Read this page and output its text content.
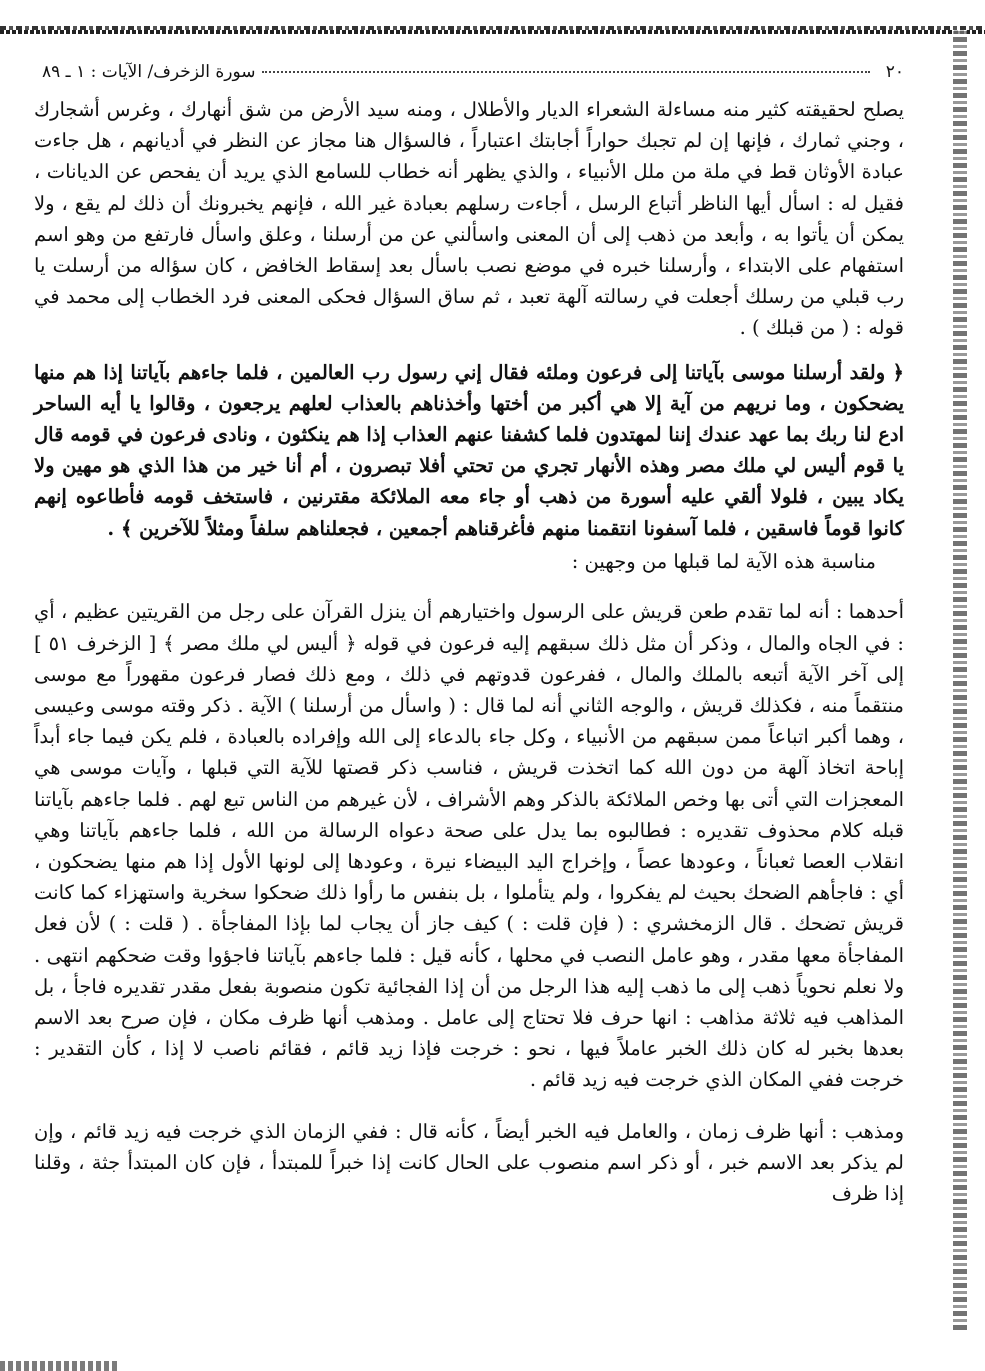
٢٠
سورة الزخرف/ الآيات : ١ ـ ٨٩

يصلح لحقيقته كثير منه مساءلة الشعراء الديار والأطلال ، ومنه سيد الأرض من شق أنهارك ، وغرس أشجارك ، وجني ثمارك ، فإنها إن لم تجبك حواراً أجابتك اعتباراً ، فالسؤال هنا مجاز عن النظر في أديانهم ، هل جاءت عبادة الأوثان قط في ملة من ملل الأنبياء ، والذي يظهر أنه خطاب للسامع الذي يريد أن يفحص عن الديانات ، فقيل له : اسأل أيها الناظر أتباع الرسل ، أجاءت رسلهم بعبادة غير الله ، فإنهم يخبرونك أن ذلك لم يقع ، ولا يمكن أن يأتوا به ، وأبعد من ذهب إلى أن المعنى واسألني عن من أرسلنا ، وعلق واسأل فارتفع من وهو اسم استفهام على الابتداء ، وأرسلنا خبره في موضع نصب باسأل بعد إسقاط الخافض ، كان سؤاله من أرسلت يا رب قبلي من رسلك أجعلت في رسالته آلهة تعبد ، ثم ساق السؤال فحكى المعنى فرد الخطاب إلى محمد في قوله : ( من قبلك ) .

﴿ ولقد أرسلنا موسى بآياتنا إلى فرعون وملئه فقال إني رسول رب العالمين ، فلما جاءهم بآياتنا إذا هم منها يضحكون ، وما نريهم من آية إلا هي أكبر من أختها وأخذناهم بالعذاب لعلهم يرجعون ، وقالوا يا أيه الساحر ادع لنا ربك بما عهد عندك إننا لمهتدون فلما كشفنا عنهم العذاب إذا هم ينكثون ، ونادى فرعون في قومه قال يا قوم أليس لي ملك مصر وهذه الأنهار تجري من تحتي أفلا تبصرون ، أم أنا خير من هذا الذي هو مهين ولا يكاد يبين ، فلولا ألقي عليه أسورة من ذهب أو جاء معه الملائكة مقترنين ، فاستخف قومه فأطاعوه إنهم كانوا قوماً فاسقين ، فلما آسفونا انتقمنا منهم فأغرقناهم أجمعين ، فجعلناهم سلفاً ومثلاً للآخرين ﴾ .

مناسبة هذه الآية لما قبلها من وجهين :

أحدهما : أنه لما تقدم طعن قريش على الرسول واختيارهم أن ينزل القرآن على رجل من القريتين عظيم ، أي : في الجاه والمال ، وذكر أن مثل ذلك سبقهم إليه فرعون في قوله ﴿ أليس لي ملك مصر ﴾ [ الزخرف ٥١ ] إلى آخر الآية أتبعه بالملك والمال ، ففرعون قدوتهم في ذلك ، ومع ذلك فصار فرعون مقهوراً مع موسى منتقماً منه ، فكذلك قريش ، والوجه الثاني أنه لما قال : ( واسأل من أرسلنا ) الآية . ذكر وقته موسى وعيسى ، وهما أكبر اتباعاً ممن سبقهم من الأنبياء ، وكل جاء بالدعاء إلى الله وإفراده بالعبادة ، فلم يكن فيما جاء أبداً إباحة اتخاذ آلهة من دون الله كما اتخذت قريش ، فناسب ذكر قصتها للآية التي قبلها ، وآيات موسى هي المعجزات التي أتى بها وخص الملائكة بالذكر وهم الأشراف ، لأن غيرهم من الناس تبع لهم . فلما جاءهم بآياتنا قبله كلام محذوف تقديره : فطالبوه بما يدل على صحة دعواه الرسالة من الله ، فلما جاءهم بآياتنا وهي انقلاب العصا ثعباناً ، وعودها عصاً ، وإخراج اليد البيضاء نيرة ، وعودها إلى لونها الأول إذا هم منها يضحكون ، أي : فاجأهم الضحك بحيث لم يفكروا ، ولم يتأملوا ، بل بنفس ما رأوا ذلك ضحكوا سخرية واستهزاء كما كانت قريش تضحك . قال الزمخشري : ( فإن قلت : ) كيف جاز أن يجاب لما بإذا المفاجأة . ( قلت : ) لأن فعل المفاجأة معها مقدر ، وهو عامل النصب في محلها ، كأنه قيل : فلما جاءهم بآياتنا فاجؤوا وقت ضحكهم انتهى . ولا نعلم نحوياً ذهب إلى ما ذهب إليه هذا الرجل من أن إذا الفجائية تكون منصوبة بفعل مقدر تقديره فاجأ ، بل المذاهب فيه ثلاثة مذاهب : انها حرف فلا تحتاج إلى عامل . ومذهب أنها ظرف مكان ، فإن صرح بعد الاسم بعدها بخبر له كان ذلك الخبر عاملاً فيها ، نحو : خرجت فإذا زيد قائم ، فقائم ناصب لا إذا ، كأن التقدير : خرجت ففي المكان الذي خرجت فيه زيد قائم .

ومذهب : أنها ظرف زمان ، والعامل فيه الخبر أيضاً ، كأنه قال : ففي الزمان الذي خرجت فيه زيد قائم ، وإن لم يذكر بعد الاسم خبر ، أو ذكر اسم منصوب على الحال كانت إذا خبراً للمبتدأ ، فإن كان المبتدأ جثة ، وقلنا إذا ظرف
